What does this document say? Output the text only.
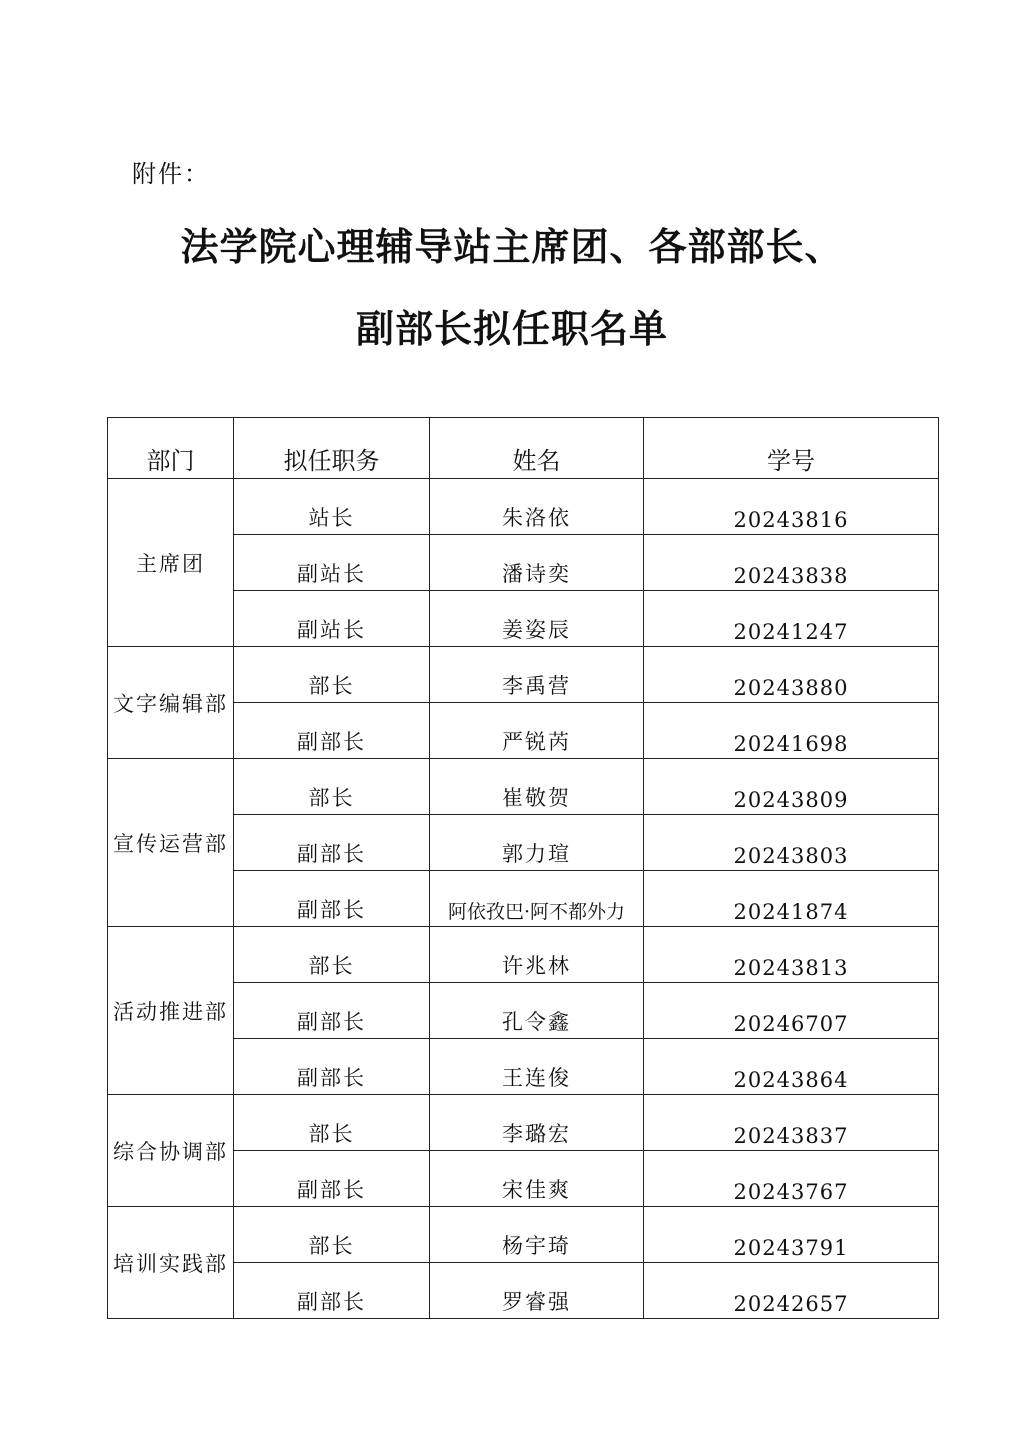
附件：
法学院心理辅导站主席团、各部部长、
副部长拟任职名单
部门	拟任职务	姓名	学号
主席团	站长	朱洛依	20243816
	副站长	潘诗奕	20243838
	副站长	姜姿辰	20241247
文字编辑部	部长	李禹营	20243880
	副部长	严锐芮	20241698
宣传运营部	部长	崔敬贺	20243809
	副部长	郭力瑄	20243803
	副部长	阿依孜巴·阿不都外力	20241874
活动推进部	部长	许兆林	20243813
	副部长	孔令鑫	20246707
	副部长	王连俊	20243864
综合协调部	部长	李璐宏	20243837
	副部长	宋佳爽	20243767
培训实践部	部长	杨宇琦	20243791
	副部长	罗睿强	20242657
